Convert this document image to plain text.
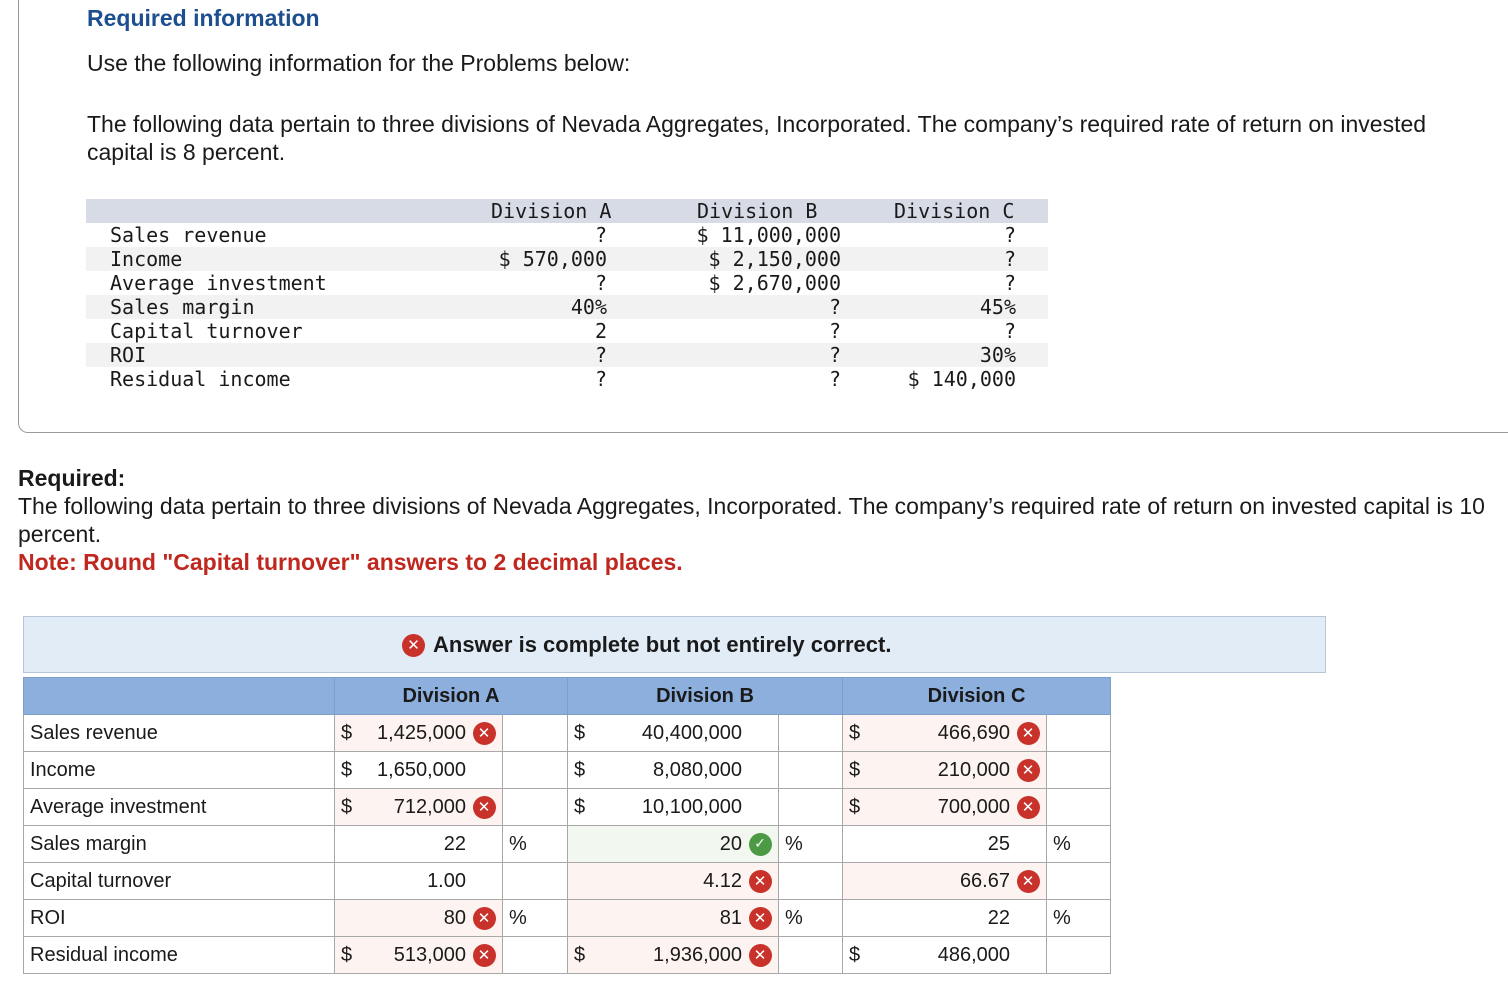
Required information
Use the following information for the Problems below:
The following data pertain to three divisions of Nevada Aggregates, Incorporated. The company’s required rate of return on invested capital is 8 percent.
Division A	Division B	Division C
Sales revenue	?	$ 11,000,000	?
Income	$ 570,000	$ 2,150,000	?
Average investment	?	$ 2,670,000	?
Sales margin	40%	?	45%
Capital turnover	2	?	?
ROI	?	?	30%
Residual income	?	?	$ 140,000
Required:
The following data pertain to three divisions of Nevada Aggregates, Incorporated. The company’s required rate of return on invested capital is 10 percent.
Note: Round "Capital turnover" answers to 2 decimal places.
✕ Answer is complete but not entirely correct.
	Division A		Division B		Division C	
Sales revenue	$ 1,425,000 ✕		$ 40,400,000		$ 466,690 ✕	

Income	$ 1,650,000		$ 8,080,000		$ 210,000 ✕	

Average investment	$ 712,000 ✕		$ 10,100,000		$ 700,000 ✕	

Sales margin	22	%	20 ✓	%	25	%
Capital turnover	1.00		4.12 ✕		66.67 ✕	

ROI	80 ✕	%	81 ✕	%	22	%
Residual income	$ 513,000 ✕		$ 1,936,000 ✕		$ 486,000	
